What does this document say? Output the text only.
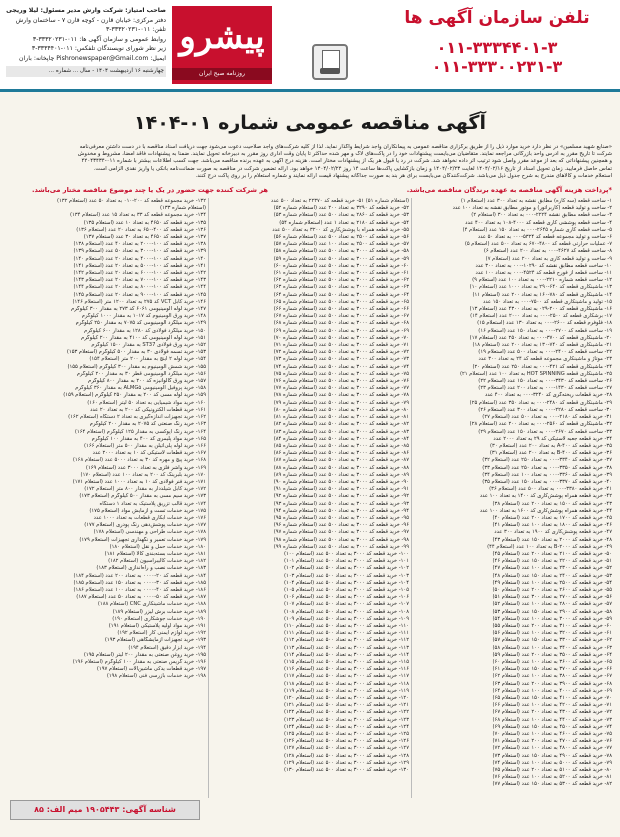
تلفن سازمان آگهی ها
۰۱۱-۳۳۳۴۴۰۱-۳ ۰۱۱-۳۳۳۰۰۲۳۱-۳
پیشرو
روزنامه صبح ایران
صاحب امتیاز: شرکت وارش مدیر مسئول: لیلا وریجی
دفتر مرکزی: خیابان قارن - کوچه قارن ۷ - ساختمان وارش
تلفن: ۰۱۱-۳۳۳۲۰۲۳۱-۳
روابط عمومی و سازمان آگهی ها: ۰۱۱-۳۳۳۲۰۲۳۱-۳
زیر نظر شورای نویسندگان تلفکس: ۰۱۱-۳۳۳۴۴۰۱-۳
ایمیل: Pishronewspaper@Gmail.com چاپخانه: باران
چهارشنبه ۱۶ اردیبهشت ۱۴۰۴ - سال ... شماره ...
آگهی مناقصه عمومی شماره ۰۱-۱۴۰۴
«صنایع شهید مسلمین» در نظر دارد خرید موارد ذیل را از طریق برگزاری مناقصه عمومی به پیمانکاران واجد شرایط واگذار نماید. لذا از کلیه شرکت‌های واجد صلاحیت دعوت می‌شود جهت دریافت اسناد مناقصه با در دست داشتن معرفی‌نامه
شرکت تا تاریخ مقرر به آدرس واحد بازرگانی مراجعه نمایند. متقاضیان می‌بایست پیشنهادات خود را در پاکت‌های لاک و مهر شده حداکثر تا پایان وقت اداری روز مقرر به دبیرخانه تحویل نمایند. ضمناً به پیشنهادات فاقد امضا، مشروط و مخدوش
و همچنین پیشنهاداتی که بعد از موعد مقرر واصل شود ترتیب اثر داده نخواهد شد. شرکت در رد یا قبول هر یک از پیشنهادات مختار است. هزینه درج آگهی به عهده برنده مناقصه می‌باشد. جهت کسب اطلاعات بیشتر با شماره ۰۱۱-۴۲۰۴۳۴۳۴
تماس حاصل فرمایید. زمان تحویل اسناد از تاریخ ۱۴۰۴/۰۲/۱۶ لغایت ۱۴۰۴/۰۲/۲۳ و زمان بازگشایی پاکت‌ها ساعت ۱۴ روز ۱۴۰۴/۰۲/۲۴ خواهد بود. ارائه تضمین شرکت در مناقصه به صورت ضمانت‌نامه بانکی یا واریز نقدی الزامی است.
استعلام خدمات و کالاهای مندرج به شرح جدول ذیل می‌باشد. شرکت‌کنندگان می‌بایست برای هر بند به صورت جداگانه پیشنهاد قیمت ارائه نمایند و شماره استعلام را بر روی پاکت درج کنند.
*پرداخت هزینه آگهی مناقصه به عهده برندگان مناقصه می‌باشد.
هر شرکت کننده جهت حضور در یک یا چند موضوع مناقصه مختار می‌باشد.
۱- ساخت قطعه (سه کاره) مطابق نقشه به تعداد ۳۰۰ عدد (استعلام ۱)
۲- ساخت و تولید قطعه (کاربراتور) و موتور مطابق نقشه به تعداد ۱۰۰ عدد
۳- ساخت قطعه مطابق نقشه ۲۲۲۴-۰۰۰ به تعداد ۳۰۰ (استعلام ۲)
۴- ساخت قطعه پوششی کاری قطعه کد ۴۰۰۰-۱۰۸ به تعداد ۴۰۰ عدد
۵- ساخت قطعه کاری شماره ۲۶۴۵-۰۰۰ به تعداد ۱۵۰ عدد (استعلام ۴)
۶- ساخت و تولید مجموعه قطعه کد ۵۳۲۴-۰۰۰ به تعداد ۵۰ عدد
۷- عملیات حرارتی قطعه کد ۴۸۰۰-۶۷۰ به تعداد ۵۰۰ عدد (استعلام ۵)
۸- ساخت قطعه کد ۴۶۲۷-۰۰۰ به تعداد ۲۰۰ عدد (استعلام ۶)
۹- ساخت و تولید قطعه کاری به تعداد ۲۰۰ عدد (استعلام ۷)
۱۰- ساخت قطعه مطابق نقشه کد ۱۰۲۹۰-۰۰۰ به تعداد ۳۰۰ عدد
۱۱- ساخت قطعه از فورج قطعه کد ۴۵۲۴-۰۰۰ به تعداد ۱۰۰ عدد
۱۲- ساخت قطعه شماره ۲۲۱۰-۰۰۰ به تعداد ۱۰۰ عدد (استعلام ۹)
۱۳- ماشینکاری قطعه کد ۶۴۰-۲۹۰ به تعداد ۱۰۰۰ عدد (استعلام ۱۰)
۱۴- ماشینکاری قطعه کد ۷۸۰-۱۶۰ به تعداد ۲۰۰ عدد (استعلام ۱۱)
۱۵- تولید و ماشینکاری قطعه کد ۷۵۰۰-۰۰۰ به تعداد ۱۵۰ عدد
۱۶- ماشینکاری قطعه کد ۲۰۰-۰۲۹ به تعداد ۴۳۰۰ عدد (استعلام ۱۳)
۱۷- برشکاری قطعه کد ۲۵۰۰-۰۰۰ به تعداد ۲۰۰۰ عدد (استعلام ۱۴)
۱۸- فلوفرم قطعه کد ۲۶۰۰-۰۰۰ به تعداد ۱۳۰ عدد (استعلام ۱۵)
۱۹- ساخت قطعه کد ۲۷۰۰-۰۰۰ به تعداد ۱۵۰ عدد (استعلام ۱۶)
۲۰- ماشینکاری قطعه کد ۳۷۰۰-۰۰۰ به تعداد ۲۵۰ عدد (استعلام ۱۷)
۲۱- ماشینکاری قطعه کد ۷۴۰-۱۳۰ به تعداد ۲۰۰ عدد (استعلام ۱۸)
۲۲- ساخت قطعه کد ۲۴۰۰-۰۰۰ به تعداد ۵۰۰ عدد (استعلام ۱۹)
۲۳- موتاژ و ماشینکاری مجموعه قطعه کد ۲۴ به تعداد ۳۰۰ عدد
۲۴- ماشینکاری قطعه کد ۴۲۱-۰۰۰ به تعداد ۲۵۰ عدد (استعلام ۲۰)
۲۵- ماشینکاری قطعه HOT SPINNING به تعداد ۱۰۰ عدد (استعلام ۲۱)
۲۶- ساخت قطعه کد ۳۴۳۰-۰۰۰ به تعداد ۱۵۰ عدد (استعلام ۲۲)
۲۷- ساخت قطعه کد ۱۴۳۰-۰۰۰ به تعداد ۲۰۰ عدد (استعلام ۲۳)
۲۸- خرید قطعات ریخته‌گری کد ۳۲۴۰-۰۰۰ به تعداد ۴۰۰ عدد
۲۹- ماشینکاری قطعه کد ۲۴۸۰-۰۰۰ به تعداد ۳۵۰ عدد (استعلام ۲۵)
۳۰- ساخت قطعه کد ۲۲۸۰-۰۰۰ به تعداد ۳۰۰ عدد (استعلام ۲۶)
۳۱- خرید قطعه کد ۲۱۸۰-۰۰۰ به تعداد ۵۰۰ عدد (استعلام ۲۷)
۳۲- ماشینکاری قطعه کد ۲۵۶۰-۰۰۰ به تعداد ۲۰۰ عدد (استعلام ۲۸)
۳۳- ساخت قطعه کد ۲۶۷۰-۰۰۰ به تعداد ۱۵۰ عدد (استعلام ۲۹)
۳۴- خرید قطعه جعبه لاستیکی کد ۲۹ به تعداد ۲۰۰۰ عدد
۳۵- خرید قطعه کد A-۴۰۰ به تعداد ۲۰۰ عدد (استعلام ۳۰)
۳۶- خرید قطعه کد B-۴۰۰ به تعداد ۲۰۰ عدد (استعلام ۳۱)
۳۷- خرید قطعه کد ۳۳۴۰-۰۰۰ به تعداد ۲۵۰ عدد (استعلام ۳۲)
۳۸- خرید قطعه کد ۳۳۵۰-۰۰۰ به تعداد ۲۵۰ عدد (استعلام ۳۳)
۳۹- خرید قطعه کد ۳۳۶۰-۰۰۰ به تعداد ۱۰۰ عدد (استعلام ۳۴)
۴۰- خرید قطعه کد ۳۳۷۰-۰۰۰ به تعداد ۱۵۰ عدد (استعلام ۳۵)
۴۱- خرید قطعه ۳۳۸۰-۰۰۰ به تعداد ۵۰۰ عدد (استعلام ۳۶)
۴۲- خرید قطعه همراه پوشش‌کاری کد ۱۴۰۰ به تعداد ۱۰۰ عدد
۴۳- خرید قطعه کد ۱۵۰۰ به تعداد ۲۰۰ عدد (استعلام ۳۸)
۴۴- خرید قطعه همراه پوشش‌کاری کد ۱۶۰۰ به تعداد ۱۰۰ عدد
۴۵- خرید قطعه کد ۱۷۰۰ به تعداد ۲۰۰ عدد (استعلام ۴۰)
۴۶- خرید قطعه کد ۱۸۰۰ به تعداد ۱۰۰ عدد (استعلام ۴۱)
۴۷- خرید قطعه پوشش‌کاری کد ۱۹۰۰ به تعداد ۳۰۰ عدد
۴۸- خرید قطعه کد ۲۰۰۰ به تعداد ۱۵۰ عدد (استعلام ۴۳)
۴۹- خرید قطعه کد B-۲۰۰۰ به تعداد ۱۰۰ عدد (استعلام ۴۴)
۵۰- خرید قطعه کد ۲۱۰۰ به تعداد ۲۰۰ عدد (استعلام ۴۵)
۵۱- خرید قطعه کد ۲۲۰۰ به تعداد ۱۵۰ عدد (استعلام ۴۶)
۵۲- خرید قطعه کد ۲۳۰۰ به تعداد ۱۰۰ عدد (استعلام ۴۷)
۵۳- خرید قطعه کد ۲۴۰۰ به تعداد ۱۵۰ عدد (استعلام ۴۸)
۵۴- خرید قطعه کد ۲۵۰۰ به تعداد ۱۰۰ عدد (استعلام ۴۹)
۵۵- خرید قطعه کد ۲۶۰۰ به تعداد ۲۰۰ عدد (استعلام ۵۰)
۵۶- خرید قطعه کد ۲۷۰۰ به تعداد ۳۰۰ عدد (استعلام ۵۱)
۵۷- خرید قطعه کد ۲۸۰۰ به تعداد ۱۰۰ عدد (استعلام ۵۲)
۵۸- خرید قطعه کد ۲۹۰۰ به تعداد ۱۵۰ عدد (استعلام ۵۳)
۵۹- خرید قطعه کد ۳۰۰۰ به تعداد ۱۰۰ عدد (استعلام ۵۴)
۶۰- خرید قطعه کد ۳۱۰۰ به تعداد ۲۰۰ عدد (استعلام ۵۵)
۶۱- خرید قطعه کد ۳۲۰۰ به تعداد ۱۰۰ عدد (استعلام ۵۶)
۶۲- خرید قطعه کد ۳۳۰۰ به تعداد ۱۵۰ عدد (استعلام ۵۷)
۶۳- خرید قطعه کد ۳۴۰۰ به تعداد ۱۰۰ عدد (استعلام ۵۸)
۶۴- خرید قطعه کد ۳۵۰۰ به تعداد ۲۰۰ عدد (استعلام ۵۹)
۶۵- خرید قطعه کد ۳۶۰۰ به تعداد ۱۰۰ عدد (استعلام ۶۰)
۶۶- خرید قطعه کد ۳۷۰۰ به تعداد ۱۵۰ عدد (استعلام ۶۱)
۶۷- خرید قطعه کد ۳۸۰۰ به تعداد ۱۰۰ عدد (استعلام ۶۲)
۶۸- خرید قطعه کد ۳۹۰۰ به تعداد ۲۰۰ عدد (استعلام ۶۳)
۶۹- خرید قطعه کد ۴۰۰۰ به تعداد ۱۰۰ عدد (استعلام ۶۴)
۷۰- خرید قطعه کد ۴۱۰۰ به تعداد ۱۵۰ عدد (استعلام ۶۵)
۷۱- خرید قطعه کد ۴۲۰۰ به تعداد ۱۰۰ عدد (استعلام ۶۶)
۷۲- خرید قطعه کد ۴۳۰۰ به تعداد ۲۰۰ عدد (استعلام ۶۷)
۷۳- خرید قطعه کد ۴۴۰۰ به تعداد ۱۰۰ عدد (استعلام ۶۸)
۷۴- خرید قطعه کد ۴۵۰۰ به تعداد ۱۵۰ عدد (استعلام ۶۹)
۷۵- خرید قطعه کد ۴۶۰۰ به تعداد ۱۰۰ عدد (استعلام ۷۰)
۷۶- خرید قطعه کد ۴۷۰۰ به تعداد ۲۰۰ عدد (استعلام ۷۱)
۷۷- خرید قطعه کد ۴۸۰۰ به تعداد ۱۰۰ عدد (استعلام ۷۲)
۷۸- خرید قطعه کد ۴۹۰۰ به تعداد ۱۵۰ عدد (استعلام ۷۳)
۷۹- خرید قطعه کد ۵۰۰۰ به تعداد ۱۰۰ عدد (استعلام ۷۴)
۸۰- خرید قطعه کد ۵۱۰۰ به تعداد ۲۰۰ عدد (استعلام ۷۵)
۸۱- خرید قطعه کد ۵۲۰۰ به تعداد ۱۰۰ عدد (استعلام ۷۶)
۸۲- خرید قطعه کد ۵۳۰۰ به تعداد ۱۵۰ عدد (استعلام ۷۷)
(استعلام شماره ۵۱) ۵۱- خرید قطعه کد ۲۲۳۷۰ به تعداد ۵۰۰ عدد
۵۲- خرید قطعه کد ۳۲۹۰ به تعداد ۲۰۰ عدد (استعلام شماره ۵۲)
۵۳- خرید قطعه کد ۲۸۶۰ به تعداد ۵۰۰ عدد (استعلام شماره ۵۳)
۵۴- خرید قطعه کد ۲۱۸۰ به تعداد ۱ عدد (استعلام شماره ۵۴)
۵۵- خرید قطعه همراه با پوشش‌کاری کد ۳۲۰۰ به تعداد ۵۰۰ عدد
۵۶- خرید قطعه کد ۲۵۰۰ به تعداد ۵۰۰ عدد (استعلام شماره ۵۶)
۵۷- خرید قطعه کد ۲۵۰۰ به تعداد ۱۰۰ عدد (استعلام شماره ۵۷)
۵۸- خرید قطعه کد ۳۰۰۰ به تعداد ۵۰۰ عدد (استعلام شماره ۵۸)
۵۹- خرید قطعه کد ۳۰۰۰ به تعداد ۵۰۰ عدد (استعلام شماره ۵۹)
۶۰- خرید قطعه کد ۳۰۰۰ به تعداد ۵۰۰ عدد (استعلام شماره ۶۰)
۶۱- خرید قطعه کد ۳۰۰۰ به تعداد ۵۰۰ عدد (استعلام شماره ۶۱)
۶۲- خرید قطعه کد ۳۰۰۰ به تعداد ۵۰۰ عدد (استعلام شماره ۶۲)
۶۳- خرید قطعه کد ۳۰۰۰ به تعداد ۵۰۰ عدد (استعلام شماره ۶۳)
۶۴- خرید قطعه کد ۳۰۰۰ به تعداد ۵۰۰ عدد (استعلام شماره ۶۴)
۶۵- خرید قطعه کد ۳۰۰۰ به تعداد ۵۰۰ عدد (استعلام شماره ۶۵)
۶۶- خرید قطعه کد ۳۰۰۰ به تعداد ۵۰۰ عدد (استعلام شماره ۶۶)
۶۷- خرید قطعه کد ۳۰۰۰ به تعداد ۵۰۰ عدد (استعلام شماره ۶۷)
۶۸- خرید قطعه کد ۳۰۰۰ به تعداد ۵۰۰ عدد (استعلام شماره ۶۸)
۶۹- خرید قطعه کد ۳۰۰۰ به تعداد ۵۰۰ عدد (استعلام شماره ۶۹)
۷۰- خرید قطعه کد ۳۰۰۰ به تعداد ۵۰۰ عدد (استعلام شماره ۷۰)
۷۱- خرید قطعه کد ۳۰۰۰ به تعداد ۵۰۰ عدد (استعلام شماره ۷۱)
۷۲- خرید قطعه کد ۳۰۰۰ به تعداد ۵۰۰ عدد (استعلام شماره ۷۲)
۷۳- خرید قطعه کد ۳۰۰۰ به تعداد ۵۰۰ عدد (استعلام شماره ۷۳)
۷۴- خرید قطعه کد ۳۰۰۰ به تعداد ۵۰۰ عدد (استعلام شماره ۷۴)
۷۵- خرید قطعه کد ۳۰۰۰ به تعداد ۵۰۰ عدد (استعلام شماره ۷۵)
۷۶- خرید قطعه کد ۳۰۰۰ به تعداد ۵۰۰ عدد (استعلام شماره ۷۶)
۷۷- خرید قطعه کد ۳۰۰۰ به تعداد ۵۰۰ عدد (استعلام شماره ۷۷)
۷۸- خرید قطعه کد ۳۰۰۰ به تعداد ۵۰۰ عدد (استعلام شماره ۷۸)
۷۹- خرید قطعه کد ۳۰۰۰ به تعداد ۵۰۰ عدد (استعلام شماره ۷۹)
۸۰- خرید قطعه کد ۳۰۰۰ به تعداد ۵۰۰ عدد (استعلام شماره ۸۰)
۸۱- خرید قطعه کد ۳۰۰۰ به تعداد ۵۰۰ عدد (استعلام شماره ۸۱)
۸۲- خرید قطعه کد ۳۰۰۰ به تعداد ۵۰۰ عدد (استعلام شماره ۸۲)
۸۳- خرید قطعه کد ۳۰۰۰ به تعداد ۵۰۰ عدد (استعلام شماره ۸۳)
۸۴- خرید قطعه کد ۳۰۰۰ به تعداد ۵۰۰ عدد (استعلام شماره ۸۴)
۸۵- خرید قطعه کد ۳۰۰۰ به تعداد ۵۰۰ عدد (استعلام شماره ۸۵)
۸۶- خرید قطعه کد ۳۰۰۰ به تعداد ۵۰۰ عدد (استعلام شماره ۸۶)
۸۷- خرید قطعه کد ۳۰۰۰ به تعداد ۵۰۰ عدد (استعلام شماره ۸۷)
۸۸- خرید قطعه کد ۳۰۰۰ به تعداد ۵۰۰ عدد (استعلام شماره ۸۸)
۸۹- خرید قطعه کد ۳۰۰۰ به تعداد ۵۰۰ عدد (استعلام شماره ۸۹)
۹۰- خرید قطعه کد ۳۰۰۰ به تعداد ۵۰۰ عدد (استعلام شماره ۹۰)
۹۱- خرید قطعه کد ۳۰۰۰ به تعداد ۵۰۰ عدد (استعلام شماره ۹۱)
۹۲- خرید قطعه کد ۳۰۰۰ به تعداد ۵۰۰ عدد (استعلام شماره ۹۲)
۹۳- خرید قطعه کد ۳۰۰۰ به تعداد ۵۰۰ عدد (استعلام شماره ۹۳)
۹۴- خرید قطعه کد ۳۰۰۰ به تعداد ۵۰۰ عدد (استعلام شماره ۹۴)
۹۵- خرید قطعه کد ۳۰۰۰ به تعداد ۵۰۰ عدد (استعلام شماره ۹۵)
۹۶- خرید قطعه کد ۳۰۰۰ به تعداد ۵۰۰ عدد (استعلام شماره ۹۶)
۹۷- خرید قطعه کد ۳۰۰۰ به تعداد ۵۰۰ عدد (استعلام شماره ۹۷)
۹۸- خرید قطعه کد ۳۰۰۰ به تعداد ۵۰۰ عدد (استعلام شماره ۹۸)
۹۹- خرید قطعه کد ۳۰۰۰ به تعداد ۵۰۰ عدد (استعلام شماره ۹۹)
۱۰۰- خرید قطعه کد ۳۰۰۰ به تعداد ۵۰۰ عدد (استعلام ۱۰۰)
۱۰۱- خرید قطعه کد ۳۰۰۰ به تعداد ۵۰۰ عدد (استعلام ۱۰۱)
۱۰۲- خرید قطعه کد ۳۰۰۰ به تعداد ۵۰۰ عدد (استعلام ۱۰۲)
۱۰۳- خرید قطعه کد ۳۰۰۰ به تعداد ۵۰۰ عدد (استعلام ۱۰۳)
۱۰۴- خرید قطعه کد ۳۰۰۰ به تعداد ۵۰۰ عدد (استعلام ۱۰۴)
۱۰۵- خرید قطعه کد ۳۰۰۰ به تعداد ۵۰۰ عدد (استعلام ۱۰۵)
۱۰۶- خرید قطعه کد ۳۰۰۰ به تعداد ۵۰۰ عدد (استعلام ۱۰۶)
۱۰۷- خرید قطعه کد ۳۰۰۰ به تعداد ۵۰۰ عدد (استعلام ۱۰۷)
۱۰۸- خرید قطعه کد ۳۰۰۰ به تعداد ۵۰۰ عدد (استعلام ۱۰۸)
۱۰۹- خرید قطعه کد ۳۰۰۰ به تعداد ۵۰۰ عدد (استعلام ۱۰۹)
۱۱۰- خرید قطعه کد ۳۰۰۰ به تعداد ۵۰۰ عدد (استعلام ۱۱۰)
۱۱۱- خرید قطعه کد ۳۰۰۰ به تعداد ۵۰۰ عدد (استعلام ۱۱۱)
۱۱۲- خرید قطعه کد ۳۰۰۰ به تعداد ۵۰۰ عدد (استعلام ۱۱۲)
۱۱۳- خرید قطعه کد ۳۰۰۰ به تعداد ۵۰۰ عدد (استعلام ۱۱۳)
۱۱۴- خرید قطعه کد ۳۰۰۰ به تعداد ۵۰۰ عدد (استعلام ۱۱۴)
۱۱۵- خرید قطعه کد ۳۰۰۰ به تعداد ۵۰۰ عدد (استعلام ۱۱۵)
۱۱۶- خرید قطعه کد ۳۰۰۰ به تعداد ۵۰۰ عدد (استعلام ۱۱۶)
۱۱۷- خرید قطعه کد ۳۰۰۰ به تعداد ۵۰۰ عدد (استعلام ۱۱۷)
۱۱۸- خرید قطعه کد ۳۰۰۰ به تعداد ۵۰۰ عدد (استعلام ۱۱۸)
۱۱۹- خرید قطعه کد ۳۰۰۰ به تعداد ۵۰۰ عدد (استعلام ۱۱۹)
۱۲۰- خرید قطعه کد ۳۰۰۰ به تعداد ۵۰۰ عدد (استعلام ۱۲۰)
۱۲۱- خرید قطعه کد ۳۰۰۰ به تعداد ۵۰۰ عدد (استعلام ۱۲۱)
۱۲۲- خرید قطعه کد ۳۰۰۰ به تعداد ۵۰۰ عدد (استعلام ۱۲۲)
۱۲۳- خرید قطعه کد ۳۰۰۰ به تعداد ۵۰۰ عدد (استعلام ۱۲۳)
۱۲۴- خرید قطعه کد ۳۰۰۰ به تعداد ۵۰۰ عدد (استعلام ۱۲۴)
۱۲۵- خرید قطعه کد ۳۰۰۰ به تعداد ۵۰۰ عدد (استعلام ۱۲۵)
۱۲۶- خرید قطعه کد ۳۰۰۰ به تعداد ۵۰۰ عدد (استعلام ۱۲۶)
۱۲۷- خرید قطعه کد ۳۰۰۰ به تعداد ۵۰۰ عدد (استعلام ۱۲۷)
۱۲۸- خرید قطعه کد ۳۰۰۰ به تعداد ۵۰۰ عدد (استعلام ۱۲۸)
۱۲۹- خرید قطعه کد ۳۰۰۰ به تعداد ۵۰۰ عدد (استعلام ۱۲۹)
۱۳۰- خرید قطعه کد ۳۰۰۰ به تعداد ۵۰۰ عدد (استعلام ۱۳۰)
۱۳۲- خرید مجموعه قطعه کد ۲۰۰-۰۱۰ به تعداد ۵۰ عدد (استعلام ۱۳۲)
(استعلام شماره ۱۳۳)
۱۳۴- خرید مجموعه قطعه کد ۳۳ به تعداد ۱۵ عدد (استعلام ۱۳۴)
۱۳۵- خرید قطعه کد ۴۶۵۰ به تعداد ۱۰ عدد (استعلام ۱۳۵)
۱۳۶- خرید قطعه کد ۴۰۰-۶۵۰ به تعداد ۲۰ عدد (استعلام ۱۳۶)
۱۳۷- خرید قطعه کد ۴۶۵۰ به تعداد ۳۰ عدد (استعلام ۱۳۷)
۱۳۸- خرید قطعه کد ۱۰۰-۲۰۰۰ به تعداد ۴۰ عدد (استعلام ۱۳۸)
۱۳۹- خرید قطعه کد ۱۰۰-۳۰۰۰ به تعداد ۵۰ عدد (استعلام ۱۳۹)
۱۴۰- خرید قطعه کد ۱۰۰-۴۰۰۰ به تعداد ۲۰ عدد (استعلام ۱۴۰)
۱۴۱- خرید قطعه کد ۱۰۰-۵۰۰۰ به تعداد ۲۰ عدد (استعلام ۱۴۱)
۱۴۲- خرید قطعه کد ۱۰۰-۶۰۰۰ به تعداد ۲۰ عدد (استعلام ۱۴۲)
۱۴۳- خرید قطعه کد ۱۰۰-۷۰۰۰ به تعداد ۲۰ عدد (استعلام ۱۴۳)
۱۴۴- خرید قطعه کد ۱۰۰-۸۰۰۰ به تعداد ۲۰ عدد (استعلام ۱۴۴)
۱۴۵- خرید قطعه کد ۱۰۰-۹۰۰۰ به تعداد ۲۰ عدد (استعلام ۱۴۵)
۱۴۶- خرید کابل VCT کد ۲۷۵ به تعداد ۱۲۰۰ متر (استعلام ۱۴۶)
۱۴۷- خرید لوله آلومینیومی ۶۰۶۱ کد ۲۷۳ به مقدار ۳۰۰ کیلوگرم
۱۴۸- خرید ورق آلومینیوم کد ۱۰۱۷ به مقدار ۱۰۰۰ کیلوگرم
۱۴۹- خرید میلگرد آلومینیومی کد ۷۰۷۵ به مقدار ۲۵۰ کیلوگرم
۱۵۰- خرید میلگرد فولادی کد ۱۲۸۰ به مقدار ۶۰۰ کیلوگرم
۱۵۱- خرید لوله آلومینیومی کد ۴۱۰۰ به مقدار ۲۰۰ کیلوگرم
۱۵۲- خرید ورق فولادی ST37 به مقدار ۱۵۰۰ کیلوگرم
۱۵۳- خرید تسمه فولادی ۳۰ به مقدار ۵۰۰ کیلوگرم (استعلام ۱۵۳)
۱۵۴- خرید لوله ۲ اینچ به مقدار ۲۰۰ متر (استعلام ۱۵۴)
۱۵۵- خرید شمش آلومینیوم به مقدار ۳۰۰ کیلوگرم (استعلام ۱۵۵)
۱۵۶- خرید میلگرد آلومینیومی قطر ۳۰ به مقدار ۲۰۰ کیلوگرم
۱۵۷- خرید ورق گالوانیزه کد ۲۰۰ به مقدار ۸۰۰ کیلوگرم
۱۵۸- خرید پروفیل آلومینیومی ALMG۵ به مقدار ۳۶۰ کیلوگرم
۱۵۹- خرید لوله مسی کد ۲۰۰ به مقدار ۲۵۰ کیلوگرم (استعلام ۱۵۹)
۱۶۰- خرید مواد شیمیایی به تعداد ۵۰ لیتر (استعلام ۱۶۰)
۱۶۱- خرید قطعات الکترونیکی کد ۲۰۰ به تعداد ۲۰ عدد
۱۶۲- خرید تجهیزات اندازه‌گیری به تعداد ۲ دستگاه (استعلام ۱۶۲)
۱۶۳- خرید رنگ صنعتی کد ۲۰۷۵ به مقدار ۲۰۰ کیلوگرم
۱۶۴- خرید رنگ اپوکسی به مقدار ۱۲۵ کیلوگرم (استعلام ۱۶۴)
۱۶۵- خرید مواد پلیمری کد ۴۰۰ به مقدار ۱۰۰ کیلوگرم
۱۶۶- خرید لوله پلی‌اتیلن به مقدار ۵۰۰ متر (استعلام ۱۶۶)
۱۶۷- خرید قطعات لاستیکی کد ۱۰ به تعداد ۲۰۰۰ عدد
۱۶۸- خرید پیچ و مهره کد ۳۰ به تعداد ۵۰۰۰ عدد (استعلام ۱۶۸)
۱۶۹- خرید واشر فلزی به تعداد ۳۰۰۰ عدد (استعلام ۱۶۹)
۱۷۰- خرید بلبرینگ کد ۲۰۰ به تعداد ۱۰۰ عدد (استعلام ۱۷۰)
۱۷۱- خرید فنر فولادی کد ۱۰ به تعداد ۱۰۰۰ عدد (استعلام ۱۷۱)
۱۷۲- خرید کابل شیلددار به مقدار ۸۰۰ متر (استعلام ۱۷۲)
۱۷۳- خرید سیم مسی به مقدار ۵۰۰ کیلوگرم (استعلام ۱۷۳)
۱۷۴- خرید قالب تزریق پلاستیک به تعداد ۱ دستگاه
۱۷۵- خرید خدمات تست و آزمایش مواد (استعلام ۱۷۵)
۱۷۶- خرید خدمات آبکاری قطعات به تعداد ۱۰۰۰ عدد
۱۷۷- خرید خدمات پوشش‌دهی رنگ پودری (استعلام ۱۷۷)
۱۷۸- خرید خدمات طراحی و مهندسی (استعلام ۱۷۸)
۱۷۹- خرید خدمات تعمیر و نگهداری تجهیزات (استعلام ۱۷۹)
۱۸۰- خرید خدمات حمل و نقل (استعلام ۱۸۰)
۱۸۱- خرید خدمات بسته‌بندی کالا (استعلام ۱۸۱)
۱۸۲- خرید خدمات کالیبراسیون (استعلام ۱۸۲)
۱۸۳- خرید خدمات نصب و راه‌اندازی (استعلام ۱۸۳)
۱۸۴- خرید قطعه کد ۲۰-۰۰۰۰ به تعداد ۲۰۰ عدد (استعلام ۱۸۴)
۱۸۵- خرید قطعه کد ۳۰-۰۰۰۰ به تعداد ۱۵۰ عدد (استعلام ۱۸۵)
۱۸۶- خرید قطعه کد ۴۰-۰۰۰۰ به تعداد ۱۰۰ عدد (استعلام ۱۸۶)
۱۸۷- خرید قطعه کد ۵۰-۰۰۰۰ به تعداد ۵۰ عدد (استعلام ۱۸۷)
۱۸۸- خرید خدمات ماشینکاری CNC (استعلام ۱۸۸)
۱۸۹- خرید خدمات برش لیزر (استعلام ۱۸۹)
۱۹۰- خرید خدمات جوشکاری (استعلام ۱۹۰)
۱۹۱- خرید مواد اولیه پلاستیکی (استعلام ۱۹۱)
۱۹۲- خرید لوازم ایمنی کار (استعلام ۱۹۲)
۱۹۳- خرید تجهیزات آزمایشگاهی (استعلام ۱۹۳)
۱۹۴- خرید ابزار دقیق (استعلام ۱۹۴)
۱۹۵- خرید روغن صنعتی به مقدار ۲۰۰ لیتر (استعلام ۱۹۵)
۱۹۶- خرید گریس صنعتی به مقدار ۱۰۰ کیلوگرم (استعلام ۱۹۶)
۱۹۷- خرید قطعات یدکی ماشین‌آلات (استعلام ۱۹۷)
۱۹۸- خرید خدمات بازرسی فنی (استعلام ۱۹۸)
شناسه آگهی: ۱۹۰۵۴۴۳ میم الف: ۸۵
